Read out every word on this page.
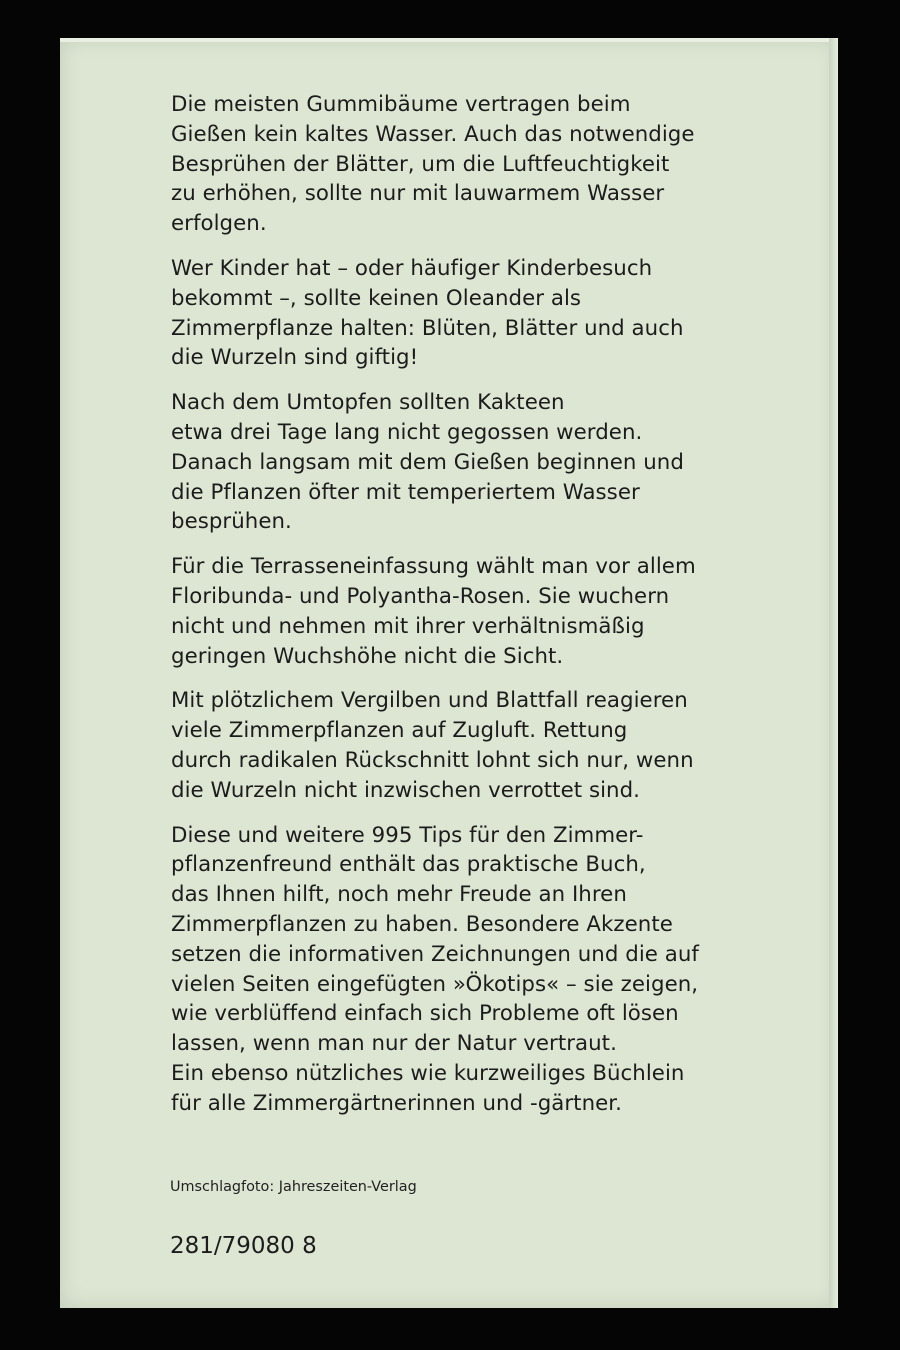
Die meisten Gummibäume vertragen beim
Gießen kein kaltes Wasser. Auch das notwendige
Besprühen der Blätter, um die Luftfeuchtigkeit
zu erhöhen, sollte nur mit lauwarmem Wasser
erfolgen.

Wer Kinder hat – oder häufiger Kinderbesuch
bekommt –, sollte keinen Oleander als
Zimmerpflanze halten: Blüten, Blätter und auch
die Wurzeln sind giftig!

Nach dem Umtopfen sollten Kakteen
etwa drei Tage lang nicht gegossen werden.
Danach langsam mit dem Gießen beginnen und
die Pflanzen öfter mit temperiertem Wasser
besprühen.

Für die Terrasseneinfassung wählt man vor allem
Floribunda- und Polyantha-Rosen. Sie wuchern
nicht und nehmen mit ihrer verhältnismäßig
geringen Wuchshöhe nicht die Sicht.

Mit plötzlichem Vergilben und Blattfall reagieren
viele Zimmerpflanzen auf Zugluft. Rettung
durch radikalen Rückschnitt lohnt sich nur, wenn
die Wurzeln nicht inzwischen verrottet sind.

Diese und weitere 995 Tips für den Zimmer-
pflanzenfreund enthält das praktische Buch,
das Ihnen hilft, noch mehr Freude an Ihren
Zimmerpflanzen zu haben. Besondere Akzente
setzen die informativen Zeichnungen und die auf
vielen Seiten eingefügten »Ökotips« – sie zeigen,
wie verblüffend einfach sich Probleme oft lösen
lassen, wenn man nur der Natur vertraut.
Ein ebenso nützliches wie kurzweiliges Büchlein
für alle Zimmergärtnerinnen und -gärtner.

Umschlagfoto: Jahreszeiten-Verlag

281/79080 8
